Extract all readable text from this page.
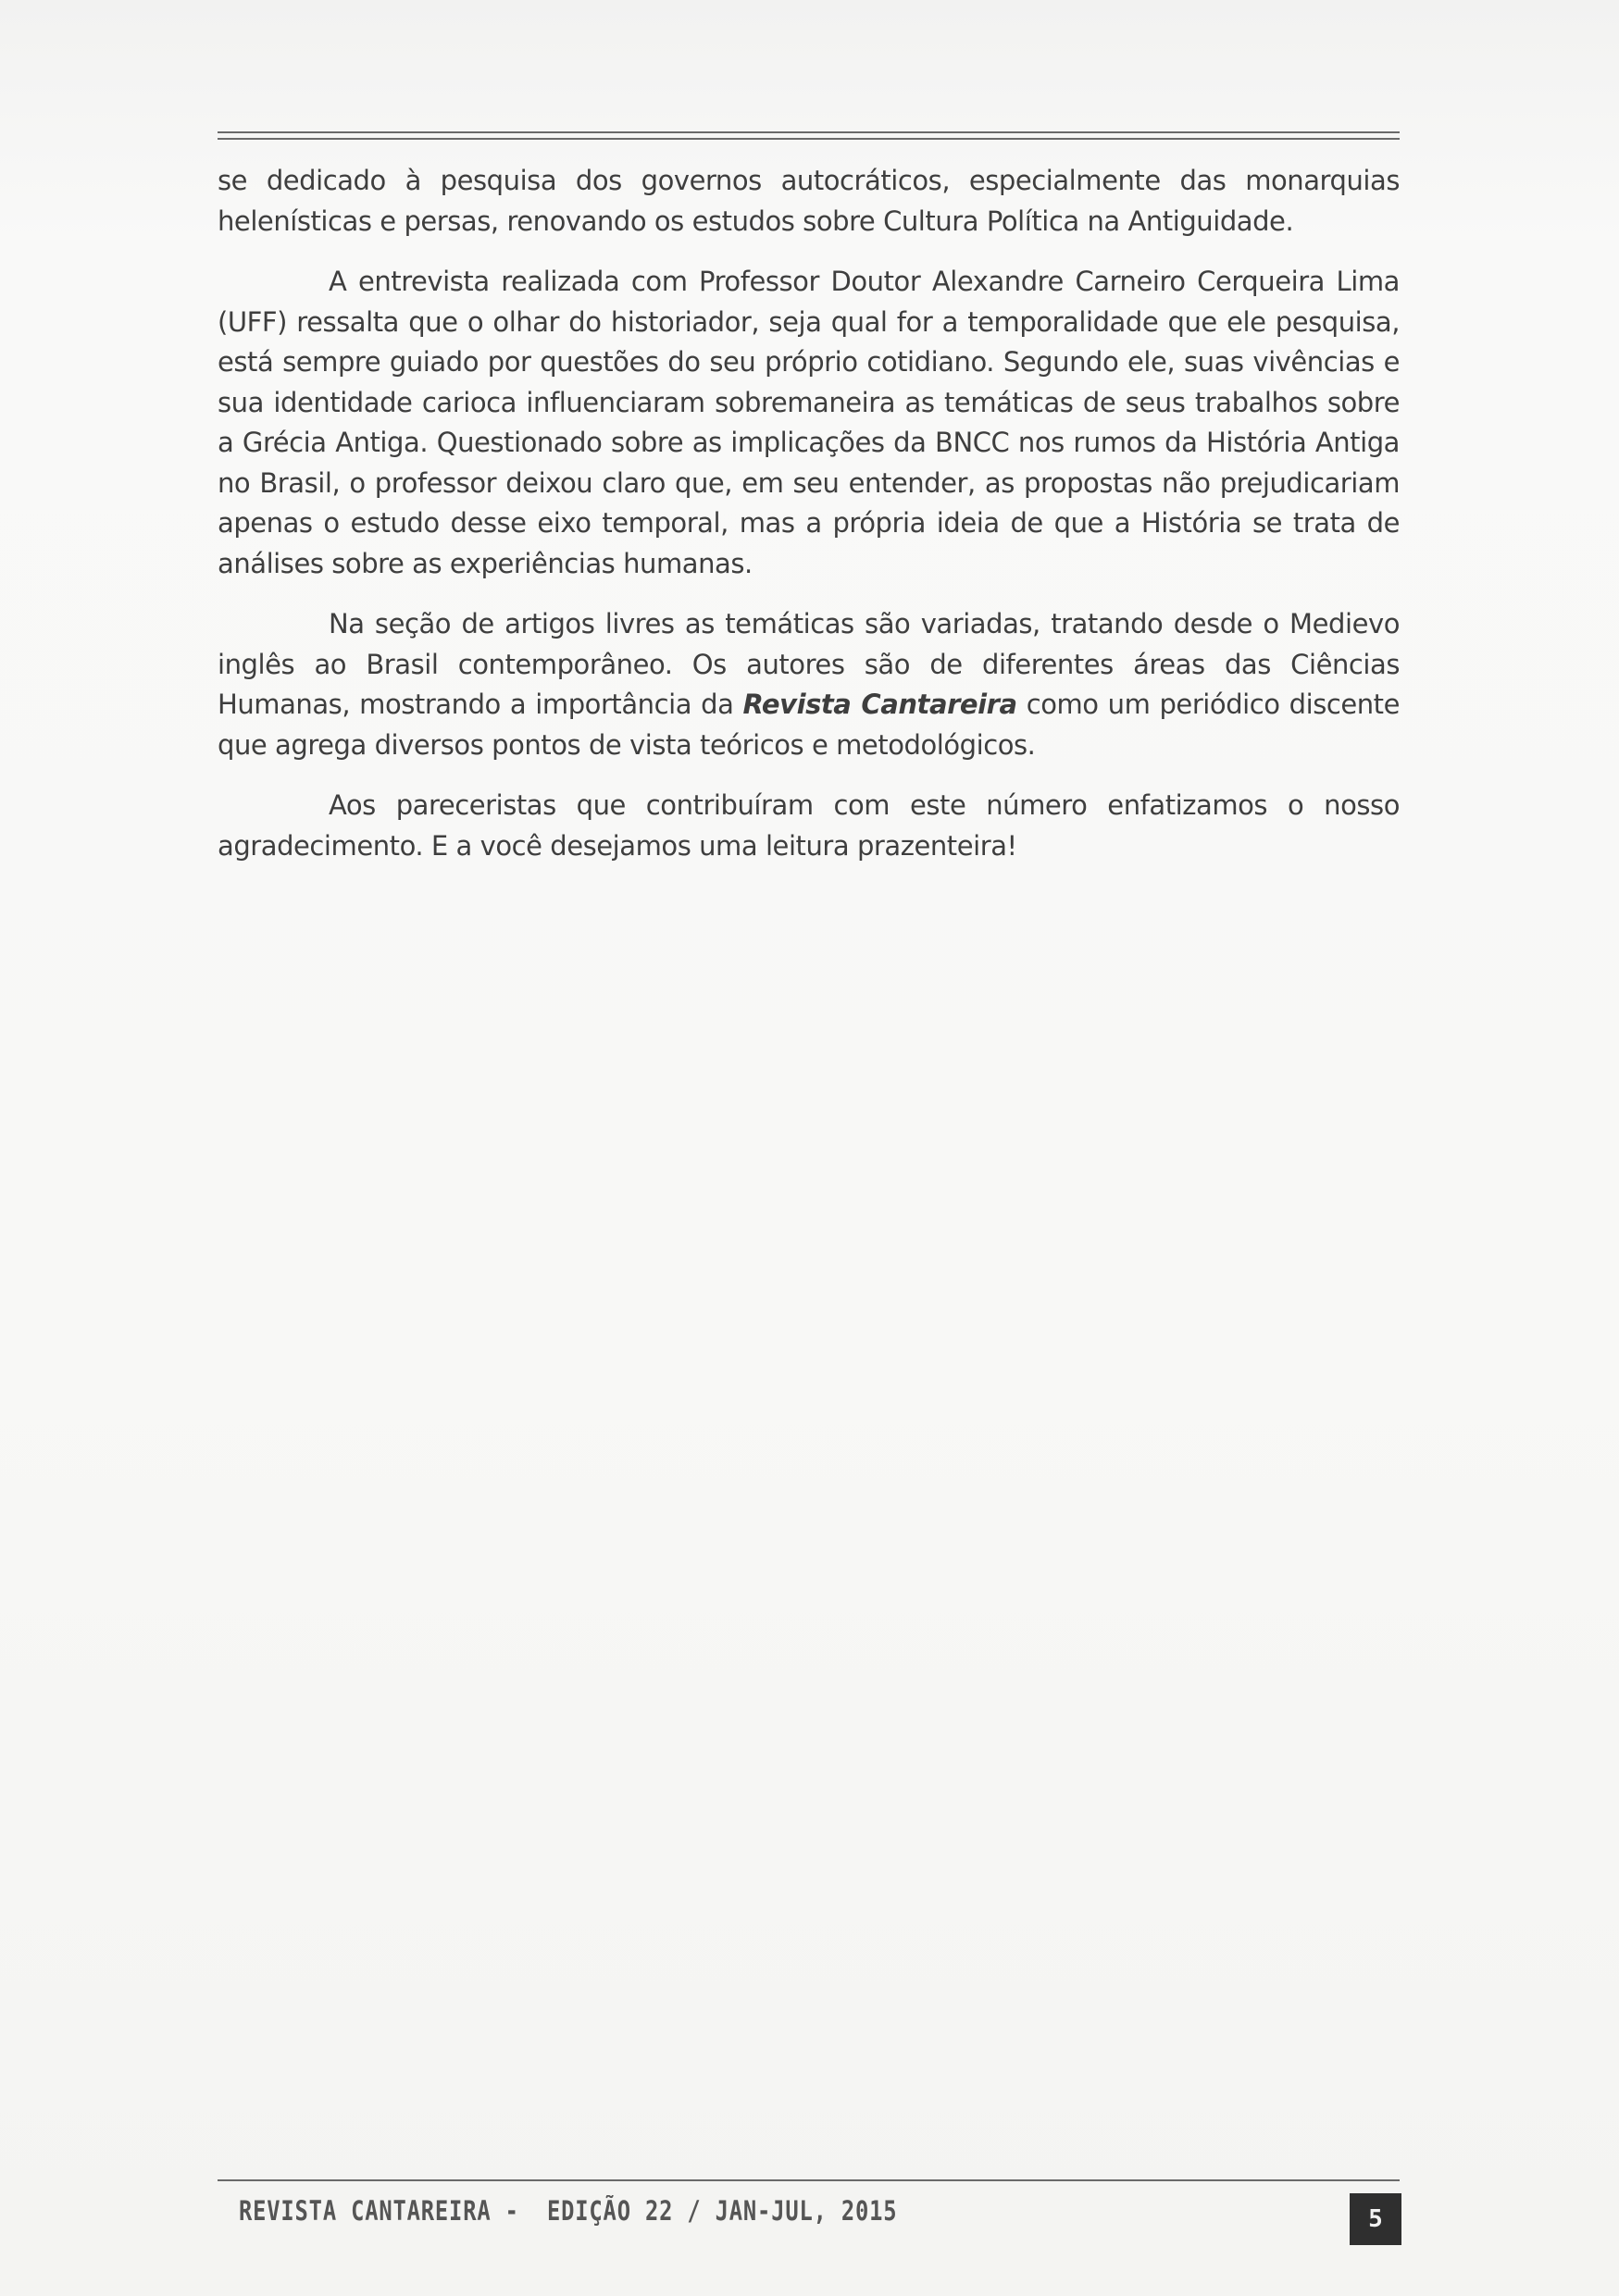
se dedicado à pesquisa dos governos autocráticos, especialmente das monarquias helenísticas e persas, renovando os estudos sobre Cultura Política na Antiguidade.

A entrevista realizada com Professor Doutor Alexandre Carneiro Cerqueira Lima (UFF) ressalta que o olhar do historiador, seja qual for a temporalidade que ele pesquisa, está sempre guiado por questões do seu próprio cotidiano. Segundo ele, suas vivências e sua identidade carioca influenciaram sobremaneira as temáticas de seus trabalhos sobre a Grécia Antiga. Questionado sobre as implicações da BNCC nos rumos da História Antiga no Brasil, o professor deixou claro que, em seu entender, as propostas não prejudicariam apenas o estudo desse eixo temporal, mas a própria ideia de que a História se trata de análises sobre as experiências humanas.

Na seção de artigos livres as temáticas são variadas, tratando desde o Medievo inglês ao Brasil contemporâneo. Os autores são de diferentes áreas das Ciências Humanas, mostrando a importância da Revista Cantareira como um periódico discente que agrega diversos pontos de vista teóricos e metodológicos.

Aos pareceristas que contribuíram com este número enfatizamos o nosso agradecimento. E a você desejamos uma leitura prazenteira!

REVISTA CANTAREIRA -  EDIÇÃO 22 / JAN-JUL, 2015	5
